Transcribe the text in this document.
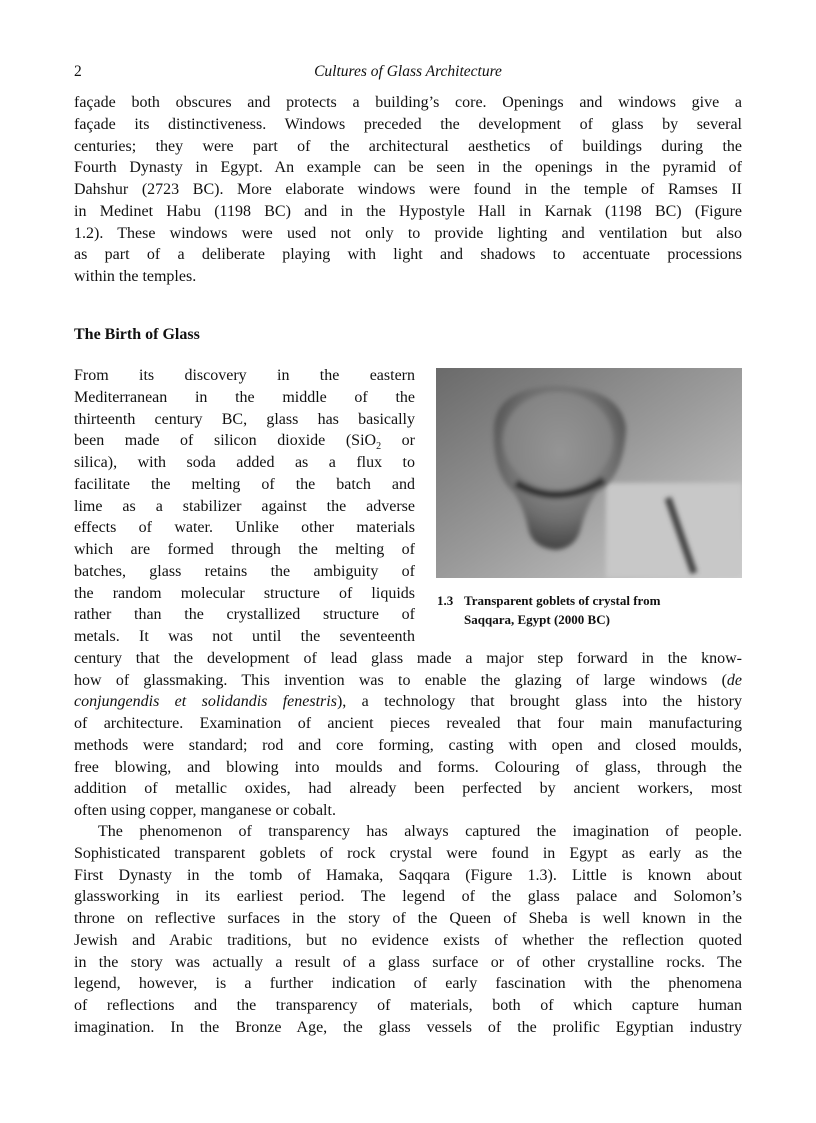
2	Cultures of Glass Architecture
façade both obscures and protects a building’s core. Openings and windows give a
façade its distinctiveness. Windows preceded the development of glass by several
centuries; they were part of the architectural aesthetics of buildings during the
Fourth Dynasty in Egypt. An example can be seen in the openings in the pyramid of
Dahshur (2723 BC). More elaborate windows were found in the temple of Ramses II
in Medinet Habu (1198 BC) and in the Hypostyle Hall in Karnak (1198 BC) (Figure
1.2). These windows were used not only to provide lighting and ventilation but also
as part of a deliberate playing with light and shadows to accentuate processions
within the temples.
The Birth of Glass
From its discovery in the eastern
Mediterranean in the middle of the
thirteenth century BC, glass has basically
been made of silicon dioxide (SiO$_2$ or
silica), with soda added as a flux to
facilitate the melting of the batch and
lime as a stabilizer against the adverse
effects of water. Unlike other materials
which are formed through the melting of
batches, glass retains the ambiguity of
the random molecular structure of liquids
rather than the crystallized structure of
metals. It was not until the seventeenth
century that the development of lead glass made a major step forward in the know-
how of glassmaking. This invention was to enable the glazing of large windows (de
conjungendis et solidandis fenestris), a technology that brought glass into the history
of architecture. Examination of ancient pieces revealed that four main manufacturing
methods were standard; rod and core forming, casting with open and closed moulds,
free blowing, and blowing into moulds and forms. Colouring of glass, through the
addition of metallic oxides, had already been perfected by ancient workers, most
often using copper, manganese or cobalt.
1.3 Transparent goblets of crystal from
Saqqara, Egypt (2000 BC)
The phenomenon of transparency has always captured the imagination of people.
Sophisticated transparent goblets of rock crystal were found in Egypt as early as the
First Dynasty in the tomb of Hamaka, Saqqara (Figure 1.3). Little is known about
glassworking in its earliest period. The legend of the glass palace and Solomon’s
throne on reflective surfaces in the story of the Queen of Sheba is well known in the
Jewish and Arabic traditions, but no evidence exists of whether the reflection quoted
in the story was actually a result of a glass surface or of other crystalline rocks. The
legend, however, is a further indication of early fascination with the phenomena
of reflections and the transparency of materials, both of which capture human
imagination. In the Bronze Age, the glass vessels of the prolific Egyptian industry
